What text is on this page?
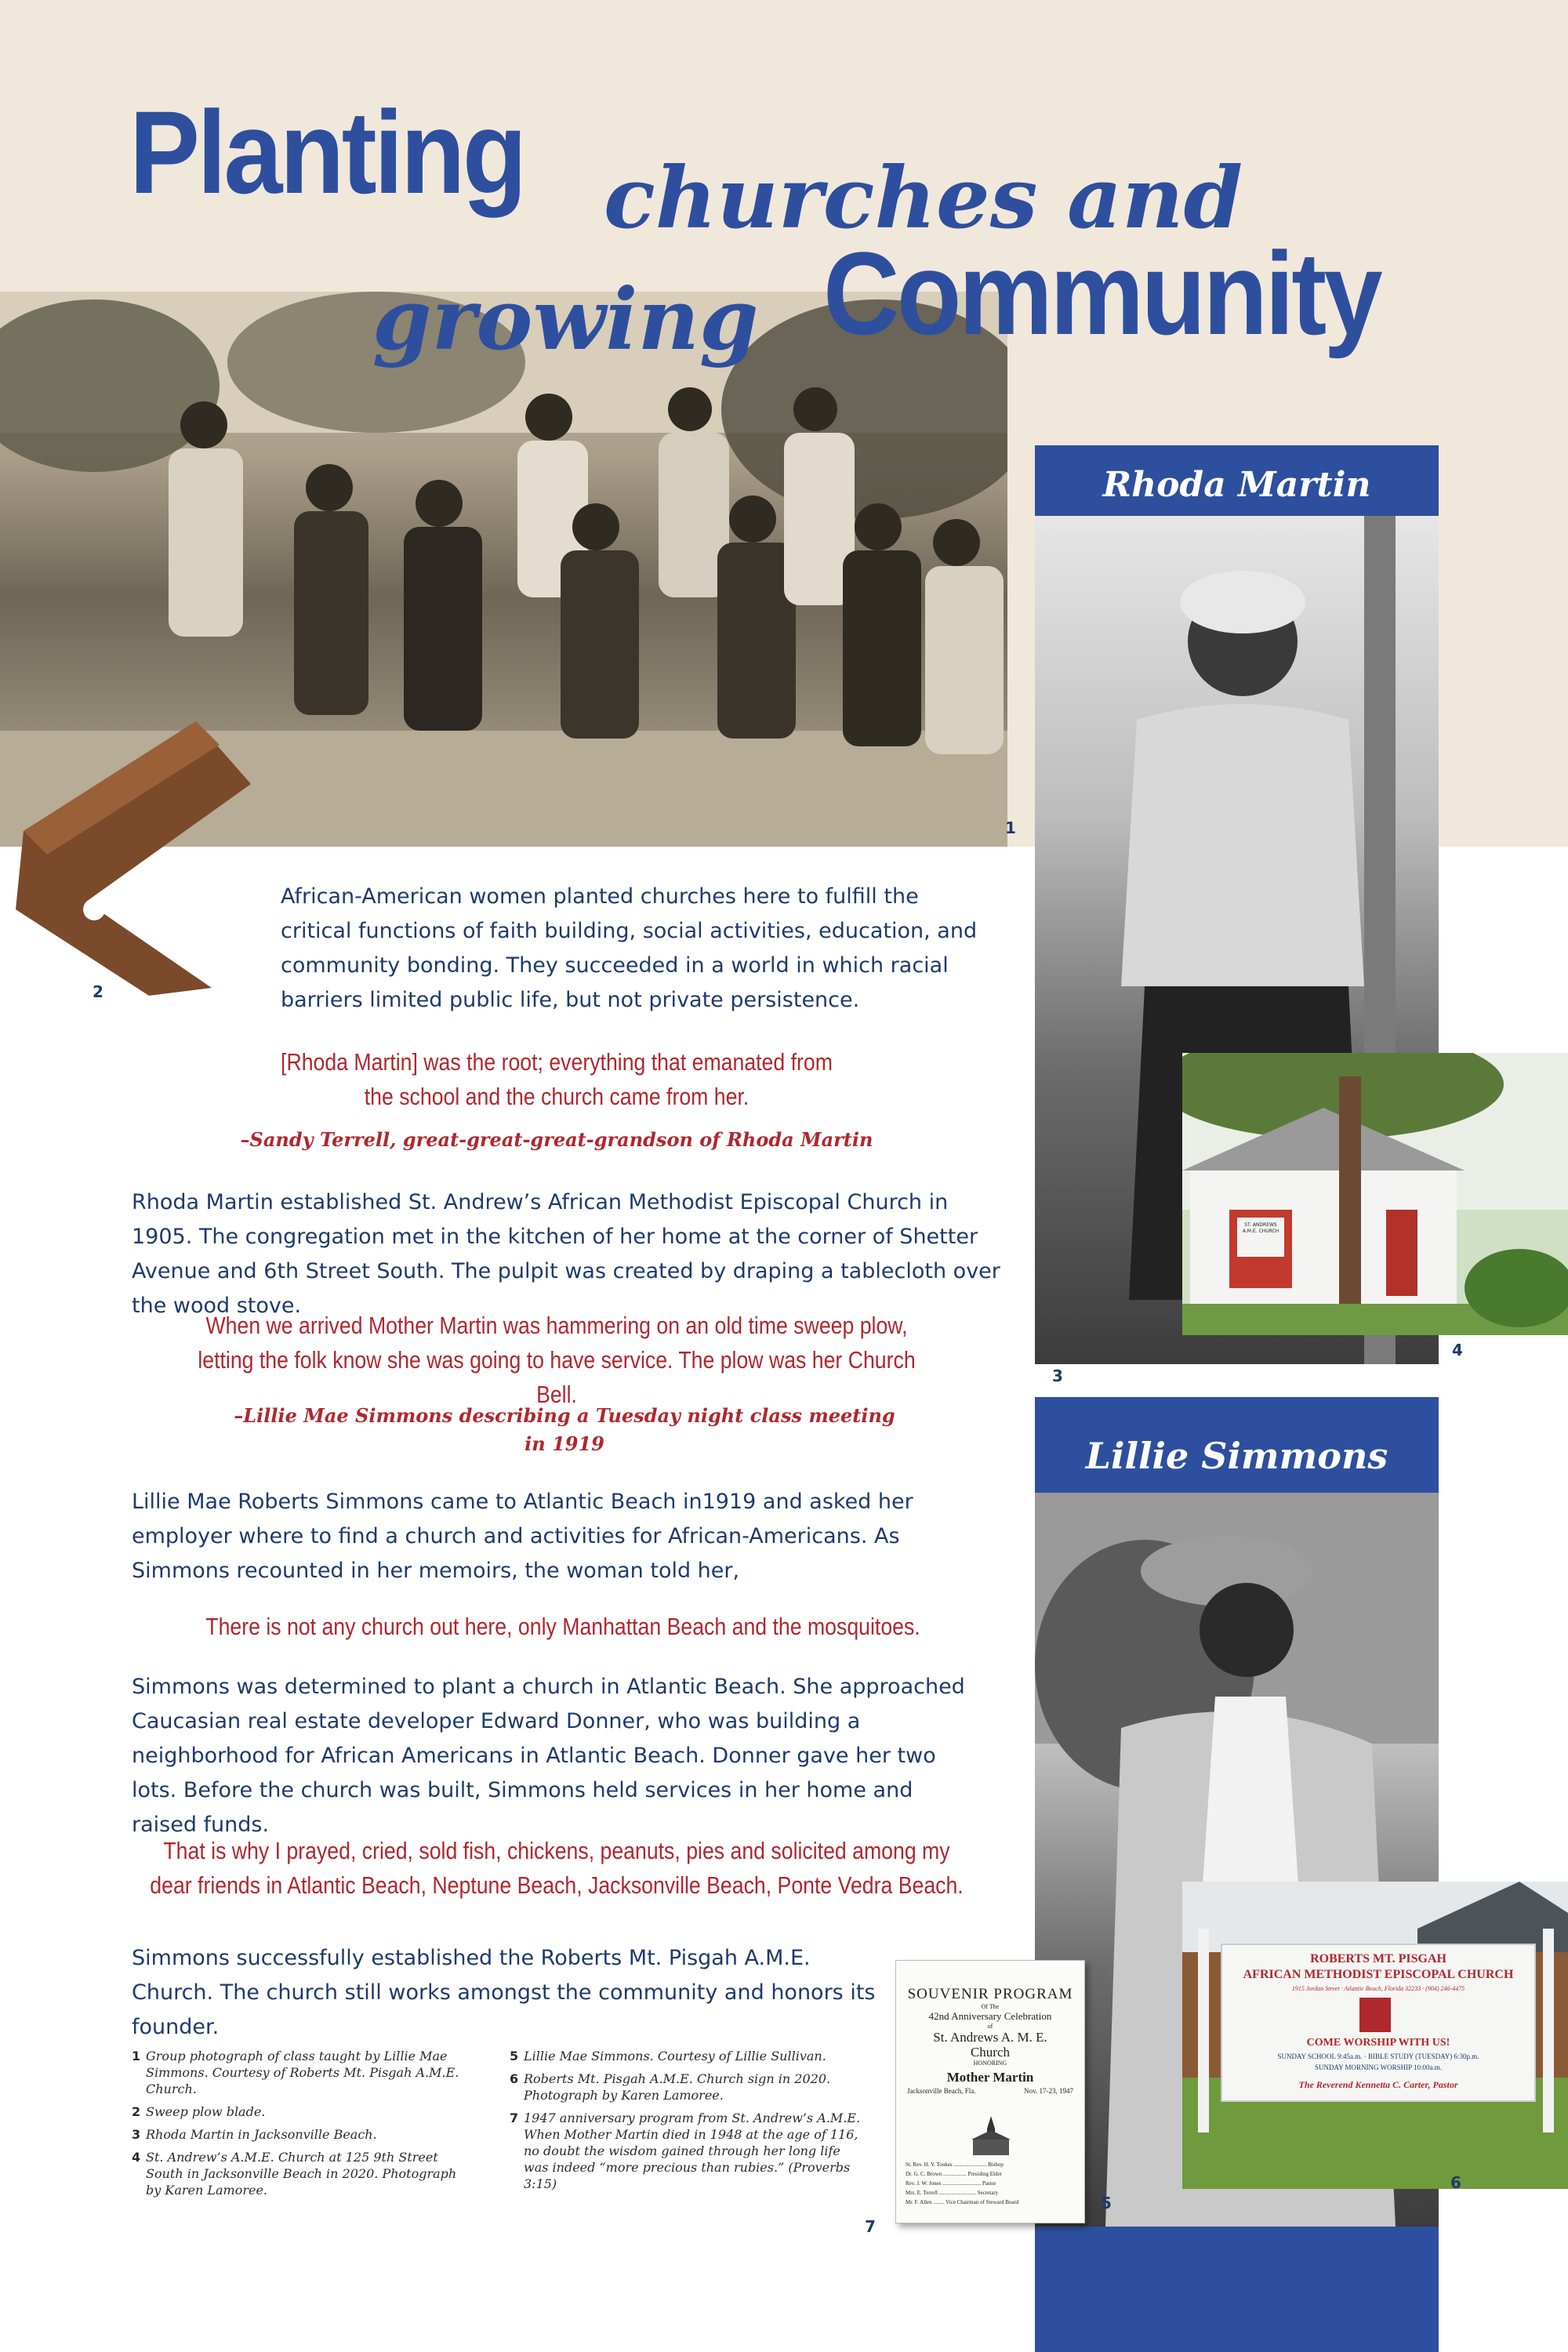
Planting churches and
growing Community
Rhoda Martin
Lillie Simmons
ST. ANDREWS A.M.E. CHURCH
ROBERTS MT. PISGAH
AFRICAN METHODIST EPISCOPAL CHURCH
1915 Jordan Street · Atlantic Beach, Florida 32233 · (904) 246-4475
COME WORSHIP WITH US!
SUNDAY SCHOOL 9:45a.m. · BIBLE STUDY (TUESDAY) 6:30p.m.
SUNDAY MORNING WORSHIP 10:00a.m.
The Reverend Kennetta C. Carter, Pastor
1
2
3
4
5
6
7
African-American women planted churches here to fulfill the critical functions of faith building, social activities, education, and community bonding. They succeeded in a world in which racial barriers limited public life, but not private persistence.
[Rhoda Martin] was the root; everything that emanated from the school and the church came from her.
–Sandy Terrell, great-great-great-grandson of Rhoda Martin
Rhoda Martin established St. Andrew’s African Methodist Episcopal Church in 1905. The congregation met in the kitchen of her home at the corner of Shetter Avenue and 6th Street South. The pulpit was created by draping a tablecloth over the wood stove.
When we arrived Mother Martin was hammering on an old time sweep plow, letting the folk know she was going to have service. The plow was her Church Bell.
–Lillie Mae Simmons describing a Tuesday night class meeting in 1919
Lillie Mae Roberts Simmons came to Atlantic Beach in1919 and asked her employer where to find a church and activities for African-Americans. As Simmons recounted in her memoirs, the woman told her,
There is not any church out here, only Manhattan Beach and the mosquitoes.
Simmons was determined to plant a church in Atlantic Beach. She approached Caucasian real estate developer Edward Donner, who was building a neighborhood for African Americans in Atlantic Beach. Donner gave her two lots. Before the church was built, Simmons held services in her home and raised funds.
That is why I prayed, cried, sold fish, chickens, peanuts, pies and solicited among my dear friends in Atlantic Beach, Neptune Beach, Jacksonville Beach, Ponte Vedra Beach.
Simmons successfully established the Roberts Mt. Pisgah A.M.E. Church. The church still works amongst the community and honors its founder.
1 Group photograph of class taught by Lillie Mae Simmons. Courtesy of Roberts Mt. Pisgah A.M.E. Church.
2 Sweep plow blade.
3 Rhoda Martin in Jacksonville Beach.
4 St. Andrew’s A.M.E. Church at 125 9th Street South in Jacksonville Beach in 2020. Photograph by Karen Lamoree.
5 Lillie Mae Simmons. Courtesy of Lillie Sullivan.
6 Roberts Mt. Pisgah A.M.E. Church sign in 2020. Photograph by Karen Lamoree.
7 1947 anniversary program from St. Andrew’s A.M.E. When Mother Martin died in 1948 at the age of 116, no doubt the wisdom gained through her long life was indeed “more precious than rubies.” (Proverbs 3:15)
SOUVENIR PROGRAM
Of The
42nd Anniversary Celebration
of
St. Andrews A. M. E.
Church
HONORING
Mother Martin
Jacksonville Beach, Fla.	Nov. 17-23, 1947
St. Rev. H. Y. Tookes ........................ Bishop
Dr. G. C. Brown ................. Presiding Elder
Rev. J. W. Jones ............................ Pastor
Mrs. E. Terrell ........................... Secretary
Mr. F. Allen ........ Vice Chairman of Steward Board
